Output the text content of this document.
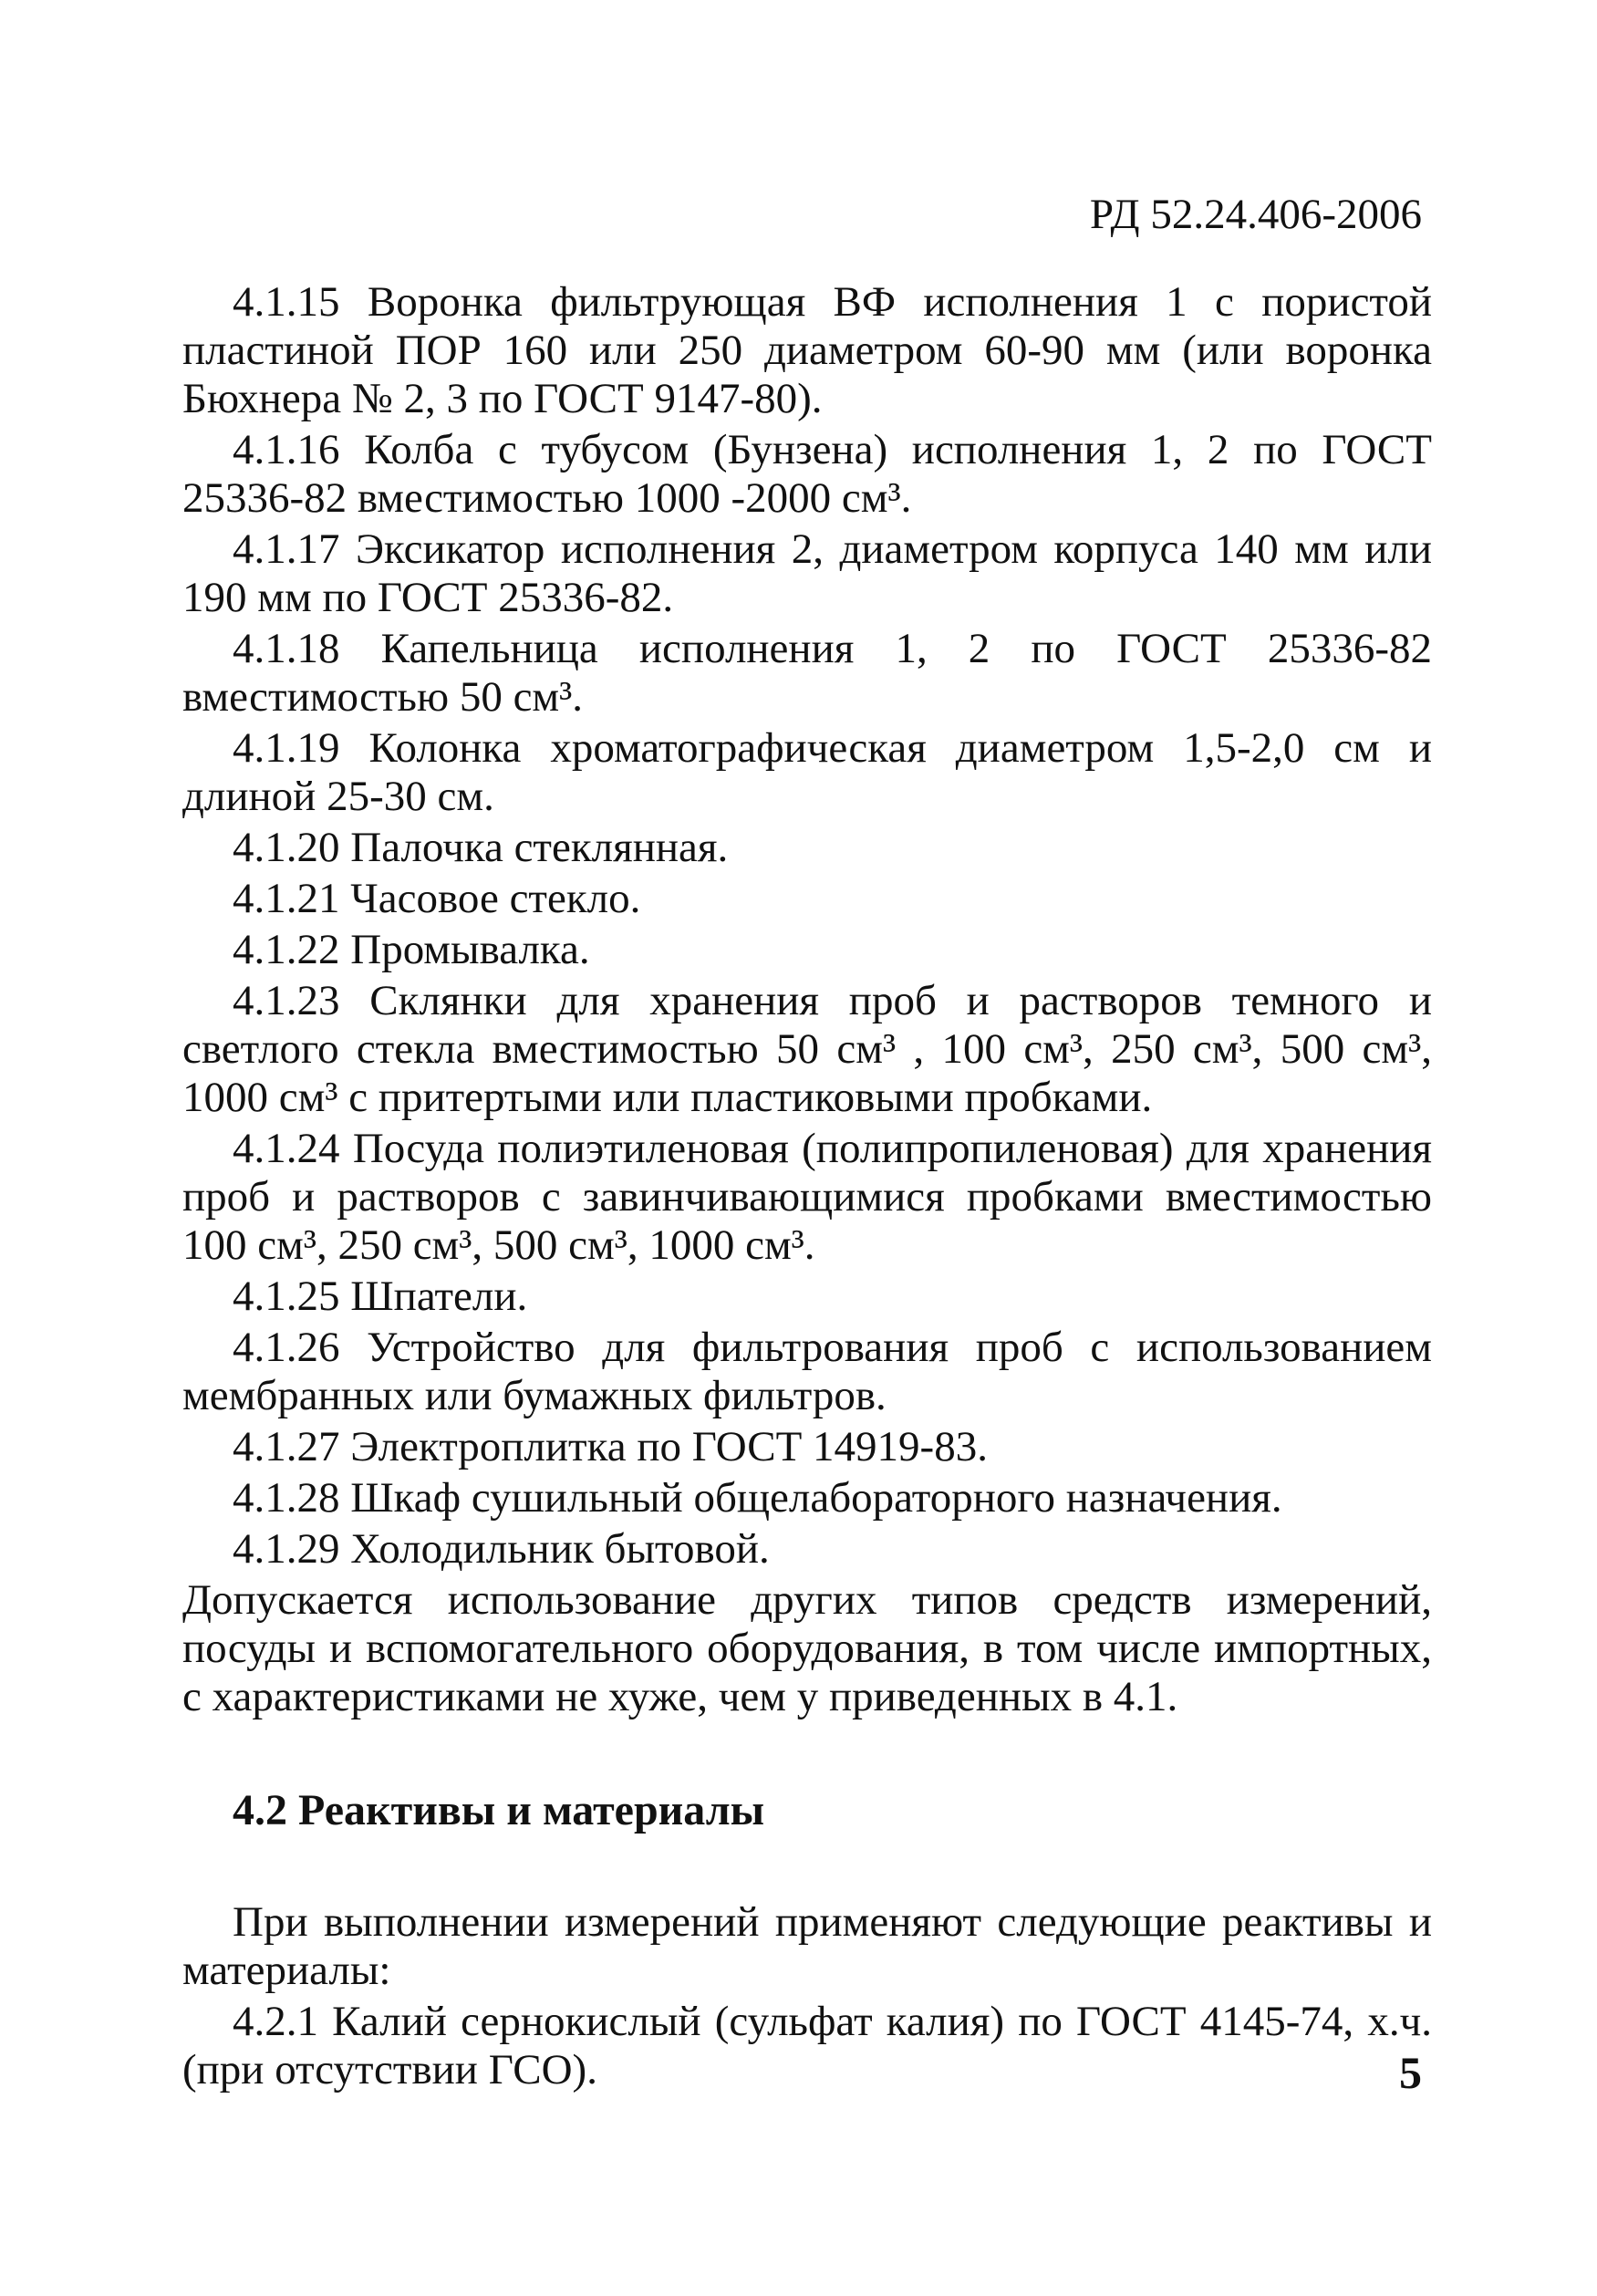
РД 52.24.406-2006

4.1.15 Воронка фильтрующая ВФ исполнения 1 с пористой пластиной ПОР 160 или 250 диаметром 60-90 мм (или воронка Бюхнера № 2, 3 по ГОСТ 9147-80).

4.1.16 Колба с тубусом (Бунзена) исполнения 1, 2 по ГОСТ 25336-82 вместимостью 1000 -2000 см³.

4.1.17 Эксикатор исполнения 2, диаметром корпуса 140 мм или 190 мм по ГОСТ 25336-82.

4.1.18 Капельница исполнения 1, 2 по ГОСТ 25336-82 вместимостью 50 см³.

4.1.19 Колонка хроматографическая диаметром 1,5-2,0 см и длиной 25-30 см.

4.1.20 Палочка стеклянная.

4.1.21 Часовое стекло.

4.1.22 Промывалка.

4.1.23 Склянки для хранения проб и растворов темного и светлого стекла вместимостью 50 см³ , 100 см³, 250 см³, 500 см³, 1000 см³ с притертыми или пластиковыми пробками.

4.1.24 Посуда полиэтиленовая (полипропиленовая) для хранения проб и растворов с завинчивающимися пробками вместимостью 100 см³, 250 см³, 500 см³, 1000 см³.

4.1.25 Шпатели.

4.1.26 Устройство для фильтрования проб с использованием мембранных или бумажных фильтров.

4.1.27 Электроплитка по ГОСТ 14919-83.

4.1.28 Шкаф сушильный общелабораторного назначения.

4.1.29 Холодильник бытовой.

Допускается использование других типов средств измерений, посуды и вспомогательного оборудования, в том числе импортных, с характеристиками не хуже, чем у приведенных в 4.1.

4.2 Реактивы и материалы

При выполнении измерений применяют следующие реактивы и материалы:

4.2.1 Калий сернокислый (сульфат калия) по ГОСТ 4145-74, х.ч. (при отсутствии ГСО).	5
